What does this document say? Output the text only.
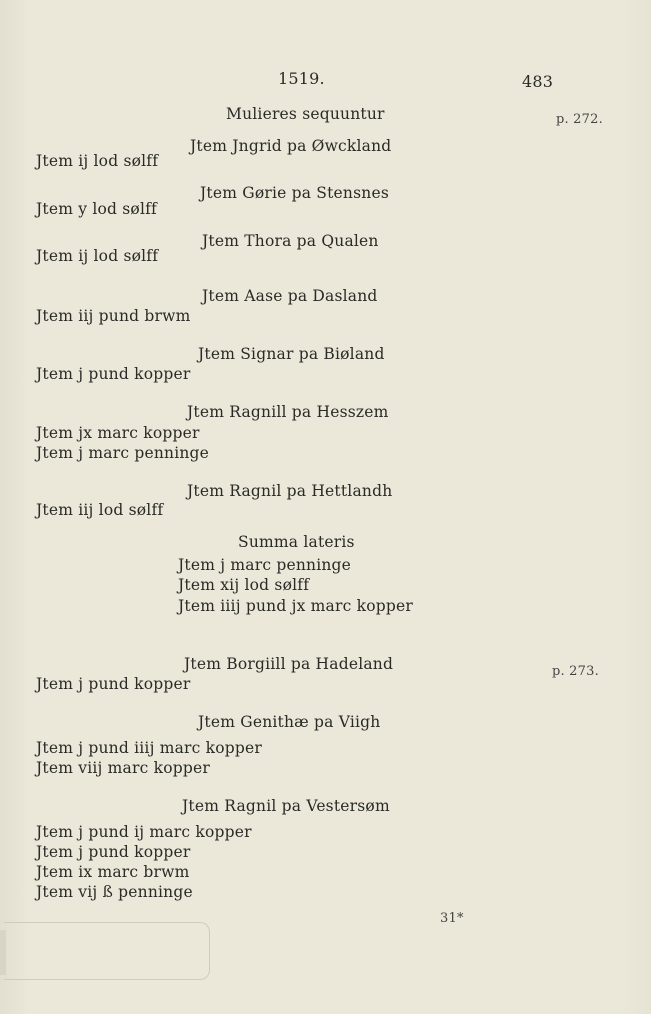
1519.	483
Mulieres sequuntur	p. 272.
Jtem Jngrid pa Øwckland
Jtem ij lod sølff
Jtem Gørie pa Stensnes
Jtem y lod sølff
Jtem Thora pa Qualen
Jtem ij lod sølff
Jtem Aase pa Dasland
Jtem iij pund brwm
Jtem Signar pa Biøland
Jtem j pund kopper
Jtem Ragnill pa Hesszem
Jtem jx marc kopper
Jtem j marc penninge
Jtem Ragnil pa Hettlandh
Jtem iij lod sølff
Summa lateris
Jtem j marc penninge
Jtem xij lod sølff
Jtem iiij pund jx marc kopper
Jtem Borgiill pa Hadeland	p. 273.
Jtem j pund kopper
Jtem Genithæ pa Viigh
Jtem j pund iiij marc kopper
Jtem viij marc kopper
Jtem Ragnil pa Vestersøm
Jtem j pund ij marc kopper
Jtem j pund kopper
Jtem ix marc brwm
Jtem vij ß penninge
31*
